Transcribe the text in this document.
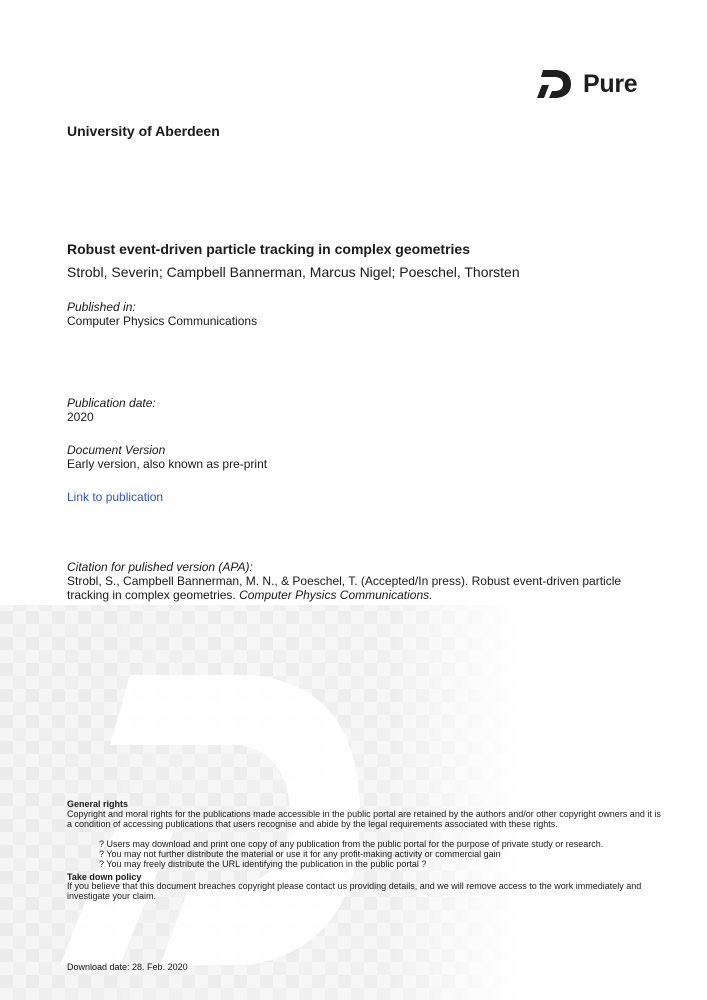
Pure
University of Aberdeen
Robust event-driven particle tracking in complex geometries
Strobl, Severin; Campbell Bannerman, Marcus Nigel; Poeschel, Thorsten
Published in:
Computer Physics Communications
Publication date:
2020
Document Version
Early version, also known as pre-print
Link to publication
Citation for pulished version (APA):
Strobl, S., Campbell Bannerman, M. N., & Poeschel, T. (Accepted/In press). Robust event-driven particle
tracking in complex geometries. Computer Physics Communications.
General rights
Copyright and moral rights for the publications made accessible in the public portal are retained by the authors and/or other copyright owners and it is a condition of accessing publications that users recognise and abide by the legal requirements associated with these rights.
? Users may download and print one copy of any publication from the public portal for the purpose of private study or research.
? You may not further distribute the material or use it for any profit-making activity or commercial gain
? You may freely distribute the URL identifying the publication in the public portal ?
Take down policy
If you believe that this document breaches copyright please contact us providing details, and we will remove access to the work immediately and investigate your claim.
Download date: 28. Feb. 2020
